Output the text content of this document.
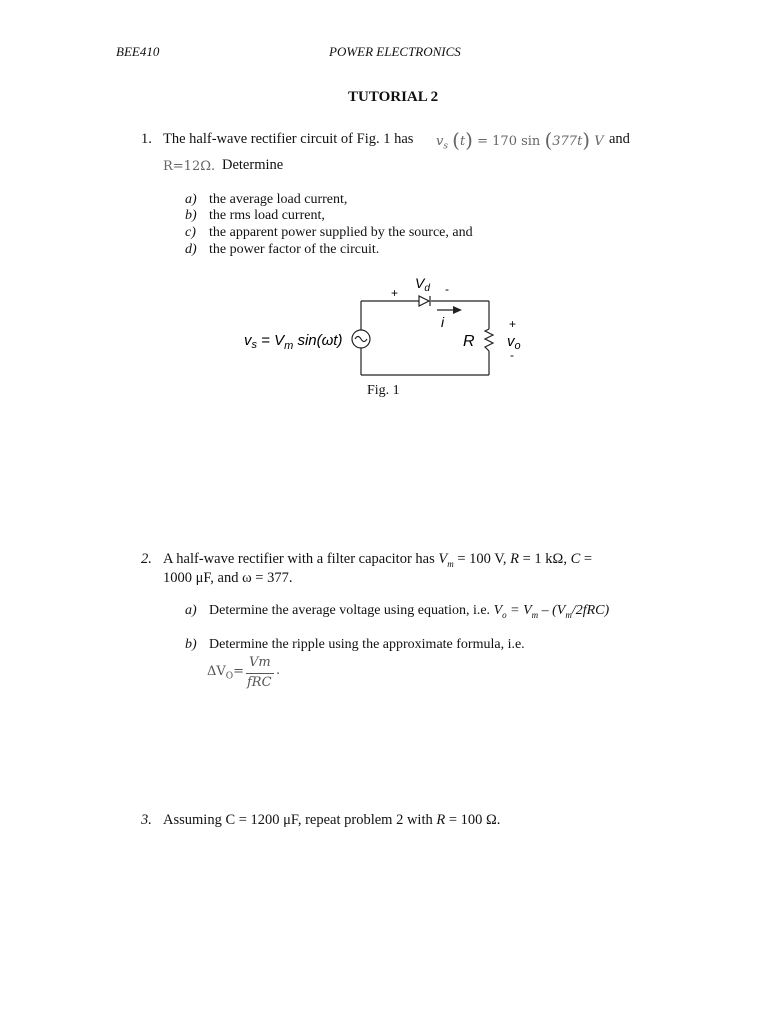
BEE410	POWER ELECTRONICS
TUTORIAL 2
1. The half-wave rectifier circuit of Fig. 1 has $v_s$ (t) = 170 sin (377t) V and
R=12Ω. Determine
a) the average load current,
b) the rms load current,
c) the apparent power supplied by the source, and
d) the power factor of the circuit.
$v_s = V_m$ sin(ωt)
+
$V_d$ -
i
R
+
$v_o$
-
Fig. 1
2. A half-wave rectifier with a filter capacitor has $V_m = 100$ V, R = 1 kΩ, C =
1000 μF, and ω = 377.
a) Determine the average voltage using equation, i.e. $V_o = V_m - (V_m/2fRC)$
b) Determine the ripple using the approximate formula, i.e.
$\Delta V_O=$
Vm
fRC
.
3. Assuming C = 1200 μF, repeat problem 2 with R = 100 Ω.
